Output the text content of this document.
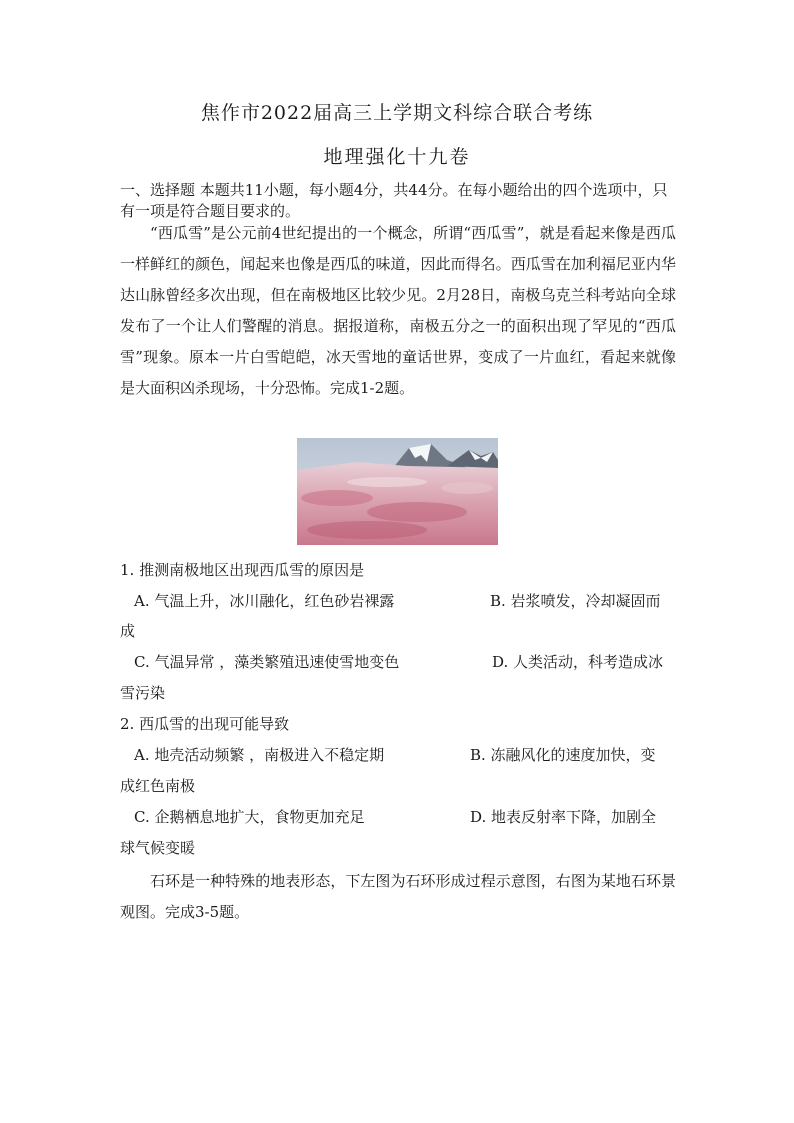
焦作市2022届高三上学期文科综合联合考练
地理强化十九卷
一、选择题 本题共11小题，每小题4分，共44分。在每小题给出的四个选项中，只 有一项是符合题目要求的。
“西瓜雪”是公元前4世纪提出的一个概念，所谓“西瓜雪”，就是看起来像是西瓜一样鲜红的颜色，闻起来也像是西瓜的味道，因此而得名。西瓜雪在加利福尼亚内华达山脉曾经多次出现，但在南极地区比较少见。2月28日，南极乌克兰科考站向全球发布了一个让人们警醒的消息。据报道称，南极五分之一的面积出现了罕见的“西瓜雪”现象。原本一片白雪皑皑，冰天雪地的童话世界，变成了一片血红，看起来就像是大面积凶杀现场，十分恐怖。完成1-2题。
1. 推测南极地区出现西瓜雪的原因是
A. 气温上升，冰川融化，红色砂岩裸露	B. 岩浆喷发，冷却凝固而
成
C. 气温异常 ，藻类繁殖迅速使雪地变色	D. 人类活动，科考造成冰
雪污染
2. 西瓜雪的出现可能导致
A. 地壳活动频繁 ，南极进入不稳定期	B. 冻融风化的速度加快，变
成红色南极
C. 企鹅栖息地扩大，食物更加充足	D. 地表反射率下降，加剧全
球气候变暖
石环是一种特殊的地表形态，下左图为石环形成过程示意图，右图为某地石环景观图。完成3-5题。
